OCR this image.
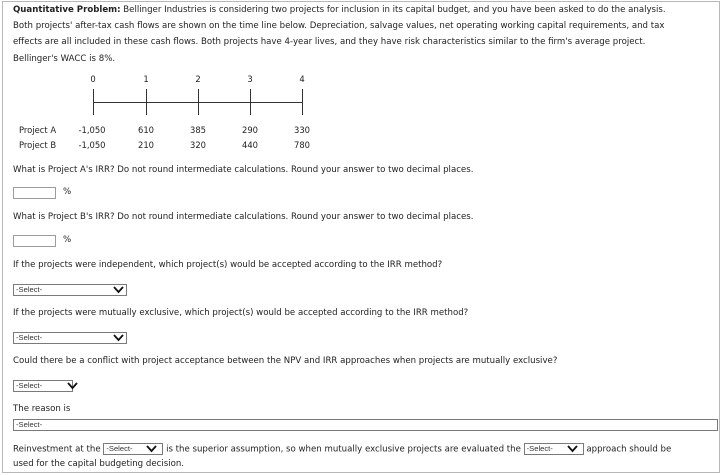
Quantitative Problem: Bellinger Industries is considering two projects for inclusion in its capital budget, and you have been asked to do the analysis.
Both projects' after-tax cash flows are shown on the time line below. Depreciation, salvage values, net operating working capital requirements, and tax
effects are all included in these cash flows. Both projects have 4-year lives, and they have risk characteristics similar to the firm's average project.
Bellinger's WACC is 8%.
0	1	2	3	4
Project A	-1,050	610	385	290	330
Project B	-1,050	210	320	440	780
What is Project A's IRR? Do not round intermediate calculations. Round your answer to two decimal places.
%
What is Project B's IRR? Do not round intermediate calculations. Round your answer to two decimal places.
%
If the projects were independent, which project(s) would be accepted according to the IRR method?
-Select-
If the projects were mutually exclusive, which project(s) would be accepted according to the IRR method?
-Select-
Could there be a conflict with project acceptance between the NPV and IRR approaches when projects are mutually exclusive?
-Select-
The reason is
-Select-
Reinvestment at the -Select-	is the superior assumption, so when mutually exclusive projects are evaluated the -Select-	approach should be
used for the capital budgeting decision.
